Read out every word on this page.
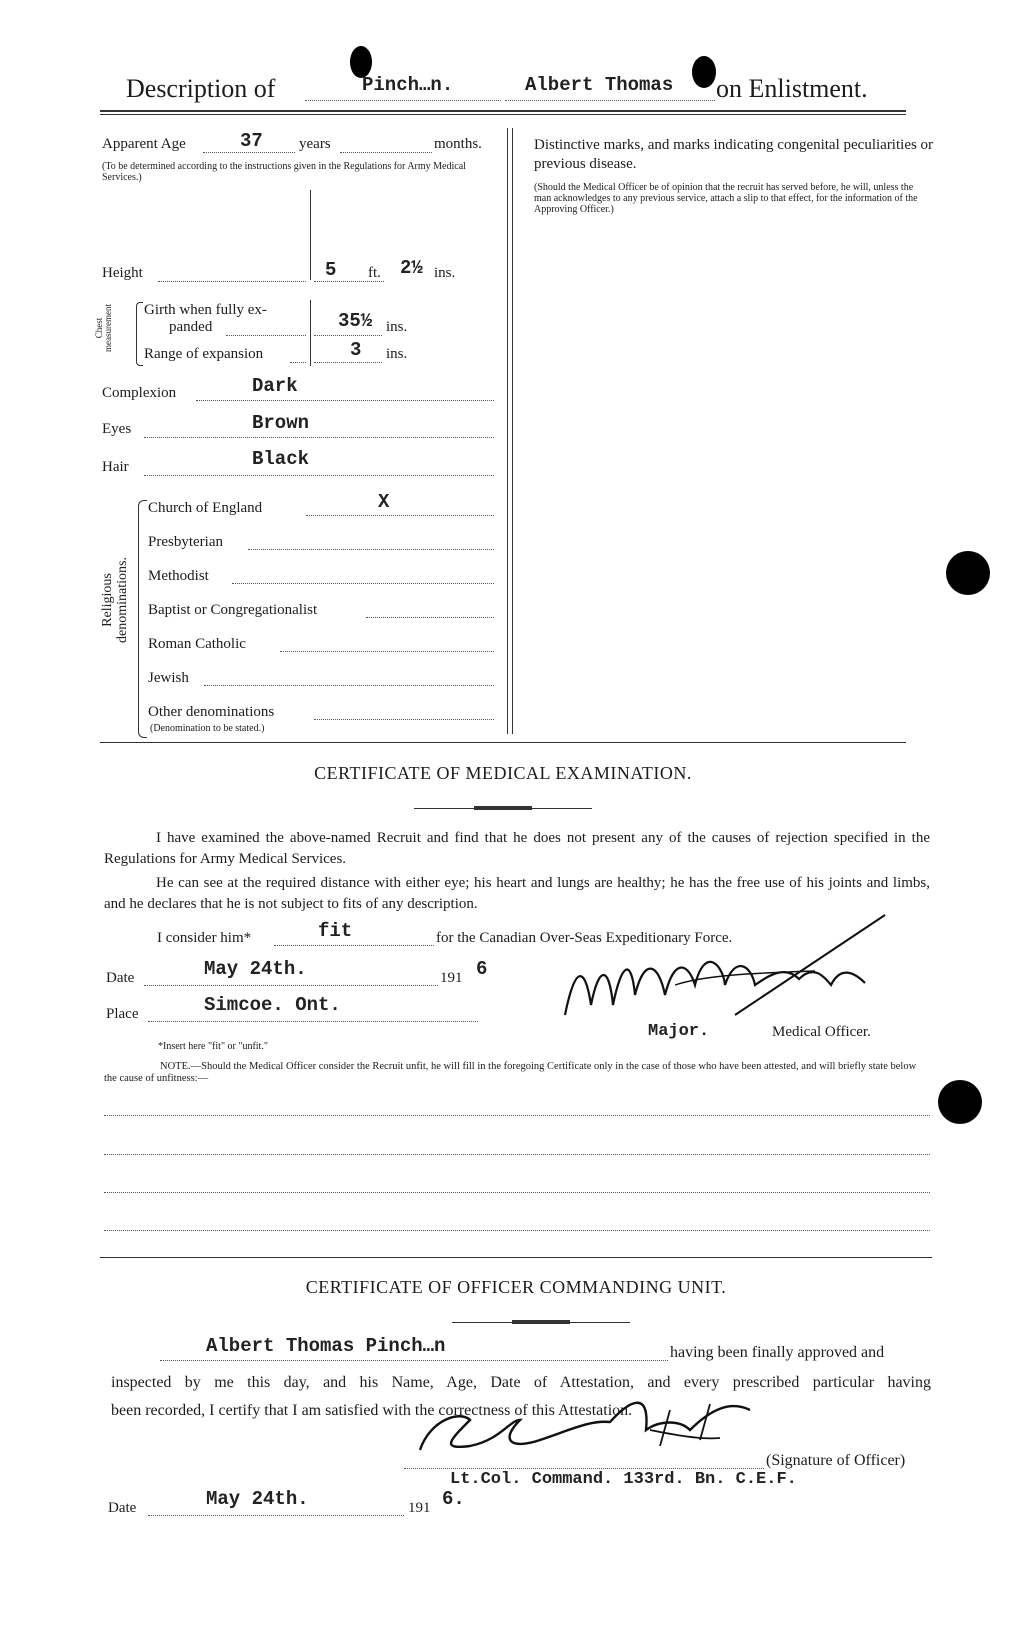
Description of	Pinch…n.	Albert Thomas on Enlistment.
Apparent Age	37 years	months.
(To be determined according to the instructions given in the Regulations for Army Medical Services.)
Height	5 ft. 2½ ins.
Chest measurement Girth when fully ex-
panded	35½ ins.
Range of expansion	3 ins.
Complexion	Dark
Eyes	Brown
Hair	Black
Religious denominations.
Church of England	X
Presbyterian
Methodist
Baptist or Congregationalist
Roman Catholic
Jewish
Other denominations
(Denomination to be stated.)
Distinctive marks, and marks indicating congenital peculiarities or previous disease.
(Should the Medical Officer be of opinion that the recruit has served before, he will, unless the man acknowledges to any previous service, attach a slip to that effect, for the information of the Approving Officer.)
CERTIFICATE OF MEDICAL EXAMINATION.
I have examined the above-named Recruit and find that he does not present any of the causes of rejection specified in the Regulations for Army Medical Services.
He can see at the required distance with either eye; his heart and lungs are healthy; he has the free use of his joints and limbs, and he declares that he is not subject to fits of any description.
I consider him*	fit	for the Canadian Over-Seas Expeditionary Force.
Date	May 24th.	191 6
Place	Simcoe. Ont.
Major.	Medical Officer.
*Insert here "fit" or "unfit."
NOTE.—Should the Medical Officer consider the Recruit unfit, he will fill in the foregoing Certificate only in the case of those who have been attested, and will briefly state below the cause of unfitness:—
CERTIFICATE OF OFFICER COMMANDING UNIT.
Albert Thomas Pinch…n	having been finally approved and
inspected by me this day, and his Name, Age, Date of Attestation, and every prescribed particular having
been recorded, I certify that I am satisfied with the correctness of this Attestation.
(Signature of Officer)
Lt.Col. Command. 133rd. Bn. C.E.F.
Date	May 24th.	191 6.
